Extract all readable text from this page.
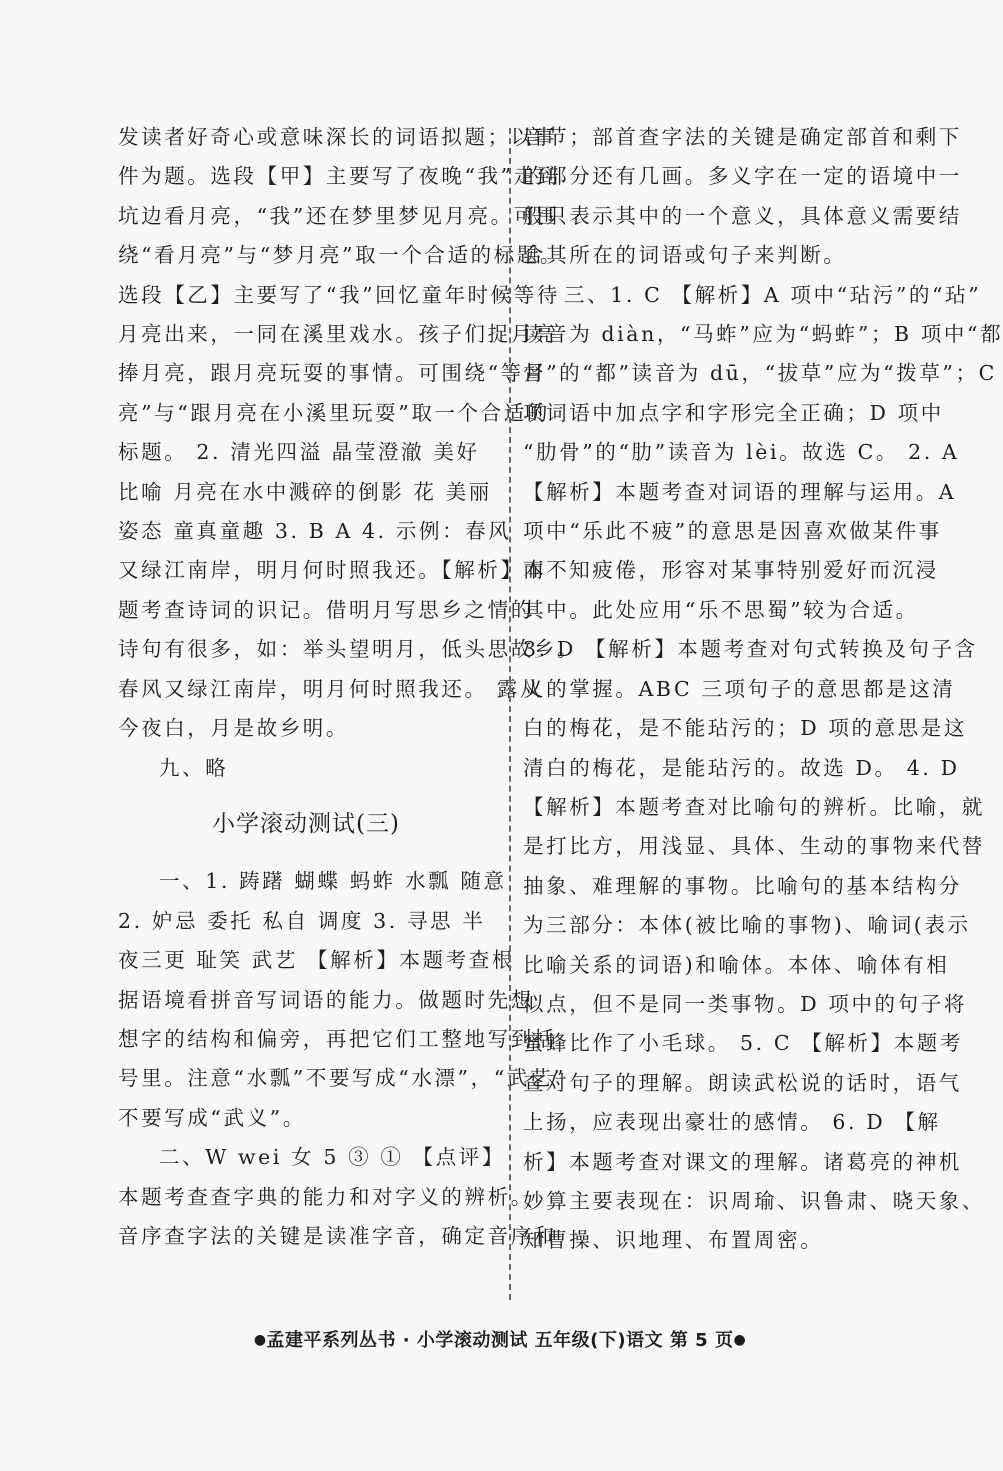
发读者好奇心或意味深长的词语拟题；以事
件为题。选段【甲】主要写了夜晚“我”走到
坑边看月亮，“我”还在梦里梦见月亮。可围
绕“看月亮”与“梦月亮”取一个合适的标题。
选段【乙】主要写了“我”回忆童年时候等待
月亮出来，一同在溪里戏水。孩子们捉月亮
捧月亮，跟月亮玩耍的事情。可围绕“等月
亮”与“跟月亮在小溪里玩耍”取一个合适的
标题。 2. 清光四溢 晶莹澄澈 美好
比喻 月亮在水中溅碎的倒影 花 美丽
姿态 童真童趣 3. B A 4. 示例：春风
又绿江南岸，明月何时照我还。【解析】本
题考查诗词的识记。借明月写思乡之情的
诗句有很多，如：举头望明月，低头思故乡。
春风又绿江南岸，明月何时照我还。 露从
今夜白，月是故乡明。
九、略
小学滚动测试(三)
一、1. 踌躇 蝴蝶 蚂蚱 水瓢 随意
2. 妒忌 委托 私自 调度 3. 寻思 半
夜三更 耻笑 武艺 【解析】本题考查根
据语境看拼音写词语的能力。做题时先想
想字的结构和偏旁，再把它们工整地写到括
号里。注意“水瓢”不要写成“水漂”，“武艺”
不要写成“武义”。
二、W wei 女 5 ③ ① 【点评】
本题考查查字典的能力和对字义的辨析。
音序查字法的关键是读准字音，确定音序和
音节；部首查字法的关键是确定部首和剩下
的部分还有几画。多义字在一定的语境中一
般只表示其中的一个意义，具体意义需要结
合其所在的词语或句子来判断。
三、1. C 【解析】A 项中“玷污”的“玷”
读音为 diàn，“马蚱”应为“蚂蚱”；B 项中“都
督”的“都”读音为 dū，“拔草”应为“拨草”；C
项词语中加点字和字形完全正确；D 项中
“肋骨”的“肋”读音为 lèi。故选 C。 2. A
【解析】本题考查对词语的理解与运用。A
项中“乐此不疲”的意思是因喜欢做某件事
而不知疲倦，形容对某事特别爱好而沉浸
其中。此处应用“乐不思蜀”较为合适。
3. D 【解析】本题考查对句式转换及句子含
义的掌握。ABC 三项句子的意思都是这清
白的梅花，是不能玷污的；D 项的意思是这
清白的梅花，是能玷污的。故选 D。 4. D
【解析】本题考查对比喻句的辨析。比喻，就
是打比方，用浅显、具体、生动的事物来代替
抽象、难理解的事物。比喻句的基本结构分
为三部分：本体(被比喻的事物)、喻词(表示
比喻关系的词语)和喻体。本体、喻体有相
似点，但不是同一类事物。D 项中的句子将
蜜蜂比作了小毛球。 5. C 【解析】本题考
查对句子的理解。朗读武松说的话时，语气
上扬，应表现出豪壮的感情。 6. D 【解
析】本题考查对课文的理解。诸葛亮的神机
妙算主要表现在：识周瑜、识鲁肃、晓天象、
知曹操、识地理、布置周密。
●孟建平系列丛书 · 小学滚动测试 五年级(下)语文 第 5 页●
